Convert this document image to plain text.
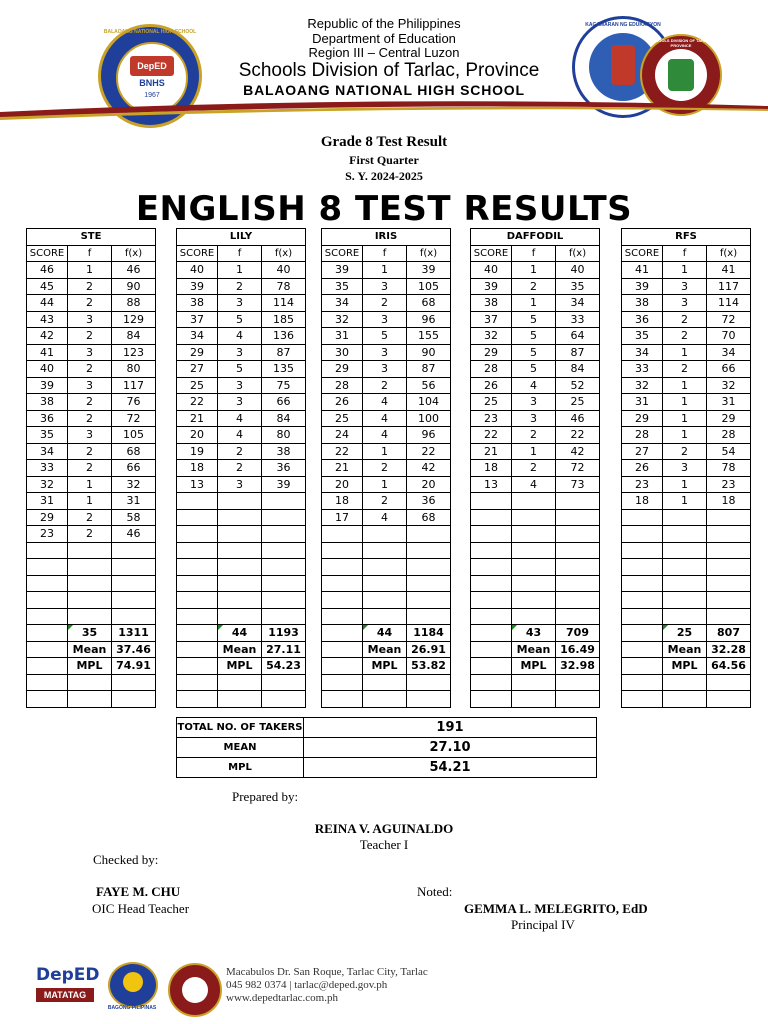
Republic of the Philippines
Department of Education
Region III – Central Luzon
Schools Division of Tarlac, Province
BALAOANG NATIONAL HIGH SCHOOL
DepED
BNHS
1967
BALAOANG NATIONAL HIGH SCHOOL
KAGAWARAN NG EDUKASYON
SCHOOLS DIVISION OF TARLAC PROVINCE
Grade 8 Test Result
First Quarter
S. Y. 2024-2025
ENGLISH 8 TEST RESULTS
STE		
SCORE	f	f(x)
46	1	46
45	2	90
44	2	88
43	3	129
42	2	84
41	3	123
40	2	80
39	3	117
38	2	76
36	2	72
35	3	105
34	2	68
33	2	66
32	1	32
31	1	31
29	2	58
23	2	46

	35	1311
	Mean	37.46
	MPL	74.91

LILY		
SCORE	f	f(x)
40	1	40
39	2	78
38	3	114
37	5	185
34	4	136
29	3	87
27	5	135
25	3	75
22	3	66
21	4	84
20	4	80
19	2	38
18	2	36
13	3	39

	44	1193
	Mean	27.11
	MPL	54.23

IRIS		
SCORE	f	f(x)
39	1	39
35	3	105
34	2	68
32	3	96
31	5	155
30	3	90
29	3	87
28	2	56
26	4	104
25	4	100
24	4	96
22	1	22
21	2	42
20	1	20
18	2	36
17	4	68

	44	1184
	Mean	26.91
	MPL	53.82

DAFFODIL		
SCORE	f	f(x)
40	1	40
39	2	35
38	1	34
37	5	33
32	5	64
29	5	87
28	5	84
26	4	52
25	3	25
23	3	46
22	2	22
21	1	42
18	2	72
13	4	73

	43	709
	Mean	16.49
	MPL	32.98

RFS		
SCORE	f	f(x)
41	1	41
39	3	117
38	3	114
36	2	72
35	2	70
34	1	34
33	2	66
32	1	32
31	1	31
29	1	29
28	1	28
27	2	54
26	3	78
23	1	23
18	1	18

	25	807
	Mean	32.28
	MPL	64.56

TOTAL NO. OF TAKERS	191
MEAN	27.10
MPL	54.21
Prepared by:
REINA V. AGUINALDO
Teacher I
Checked by:
FAYE M. CHU
OIC Head Teacher
Noted:
GEMMA L. MELEGRITO, EdD
Principal IV
DepED
MATATAG
BAGONG PILIPINAS
Macabulos Dr. San Roque, Tarlac City, Tarlac
045 982 0374 | tarlac@deped.gov.ph
www.depedtarlac.com.ph
